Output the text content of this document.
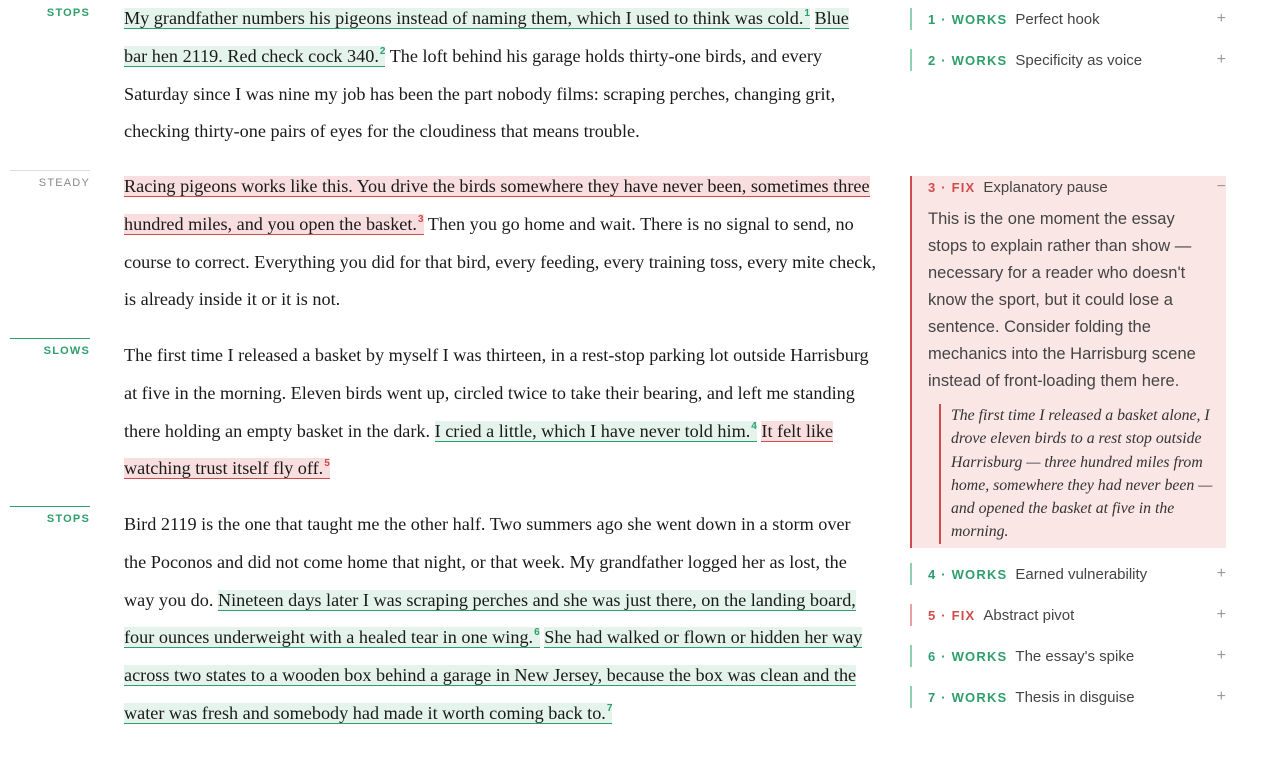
STOPS
STEADY
SLOWS
STOPS

My grandfather numbers his pigeons instead of naming them, which I used to think was cold.$^1$ Blue bar hen 2119. Red check cock 340.$^2$ The loft behind his garage holds thirty-one birds, and every Saturday since I was nine my job has been the part nobody films: scraping perches, changing grit, checking thirty-one pairs of eyes for the cloudiness that means trouble.

Racing pigeons works like this. You drive the birds somewhere they have never been, sometimes three hundred miles, and you open the basket.$^3$ Then you go home and wait. There is no signal to send, no course to correct. Everything you did for that bird, every feeding, every training toss, every mite check, is already inside it or it is not.

The first time I released a basket by myself I was thirteen, in a rest-stop parking lot outside Harrisburg at five in the morning. Eleven birds went up, circled twice to take their bearing, and left me standing there holding an empty basket in the dark. I cried a little, which I have never told him.$^4$ It felt like watching trust itself fly off.$^5$

Bird 2119 is the one that taught me the other half. Two summers ago she went down in a storm over the Poconos and did not come home that night, or that week. My grandfather logged her as lost, the way you do. Nineteen days later I was scraping perches and she was just there, on the landing board, four ounces underweight with a healed tear in one wing.$^6$ She had walked or flown or hidden her way across two states to a wooden box behind a garage in New Jersey, because the box was clean and the water was fresh and somebody had made it worth coming back to.$^7$

1 · WORKS Perfect hook	+
2 · WORKS Specificity as voice	+
3 · FIX Explanatory pause	−
This is the one moment the essay stops to explain rather than show — necessary for a reader who doesn't know the sport, but it could lose a sentence. Consider folding the mechanics into the Harrisburg scene instead of front-loading them here.
The first time I released a basket alone, I drove eleven birds to a rest stop outside Harrisburg — three hundred miles from home, somewhere they had never been — and opened the basket at five in the morning.
4 · WORKS Earned vulnerability	+
5 · FIX Abstract pivot	+
6 · WORKS The essay's spike	+
7 · WORKS Thesis in disguise	+
